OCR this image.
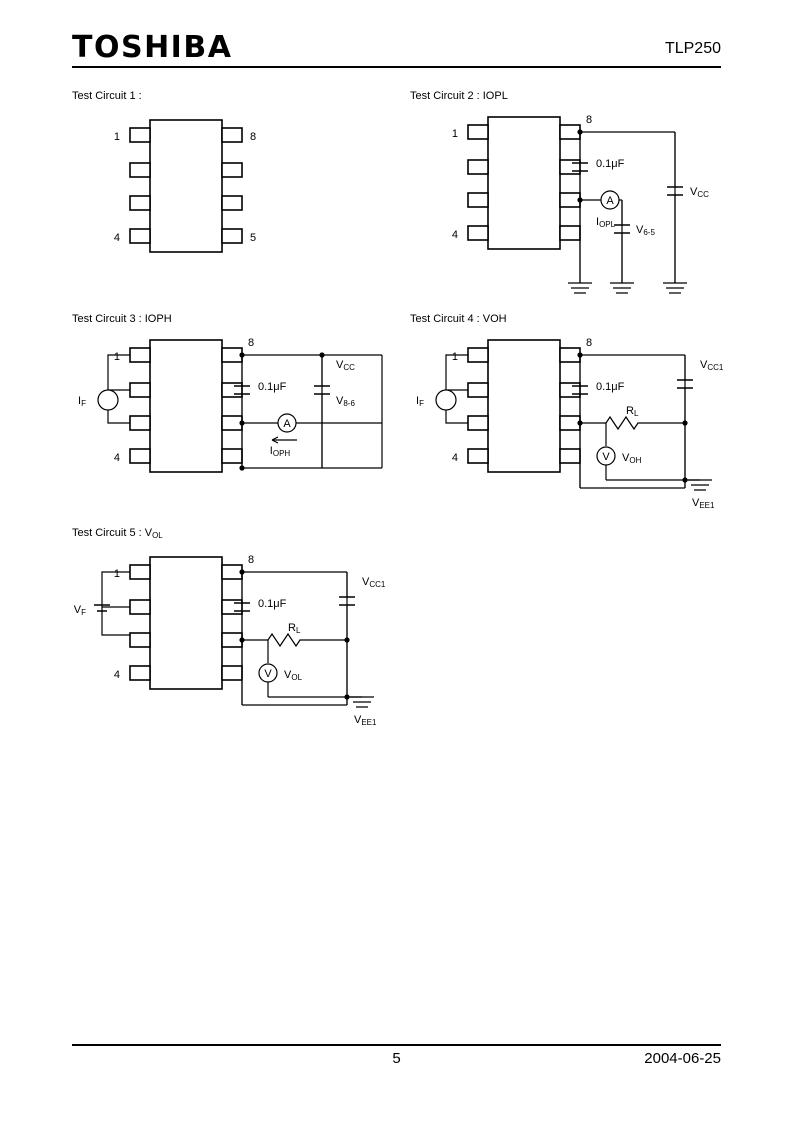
TOSHIBA	TLP250
Test Circuit 1 :
1
4
8
5
Test Circuit 2 : IOPL
1
4
8
0.1μF
A
IOPL V6-5
VCC
Test Circuit 3 : IOPH
1
4
8
IF
0.1μF
VCC
V8-6
A
IOPH
Test Circuit 4 : VOH
1
4
8
IF
0.1μF
VCC1
RL
V VOH
VEE1
Test Circuit 5 : $V_{OL}$
1
4
8
VF
0.1μF
VCC1
RL
V VOL
VEE1
5	2004-06-25
